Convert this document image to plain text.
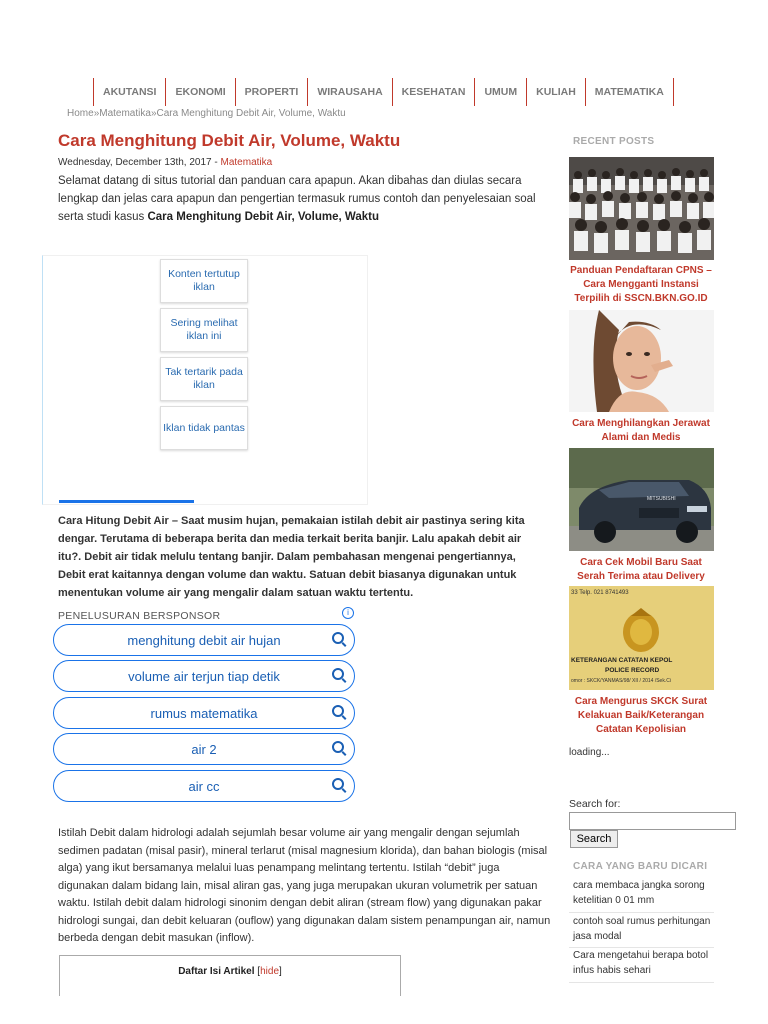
AKUTANSI	EKONOMI	PROPERTI	WIRAUSAHA	KESEHATAN	UMUM	KULIAH	MATEMATIKA
Home»Matematika»Cara Menghitung Debit Air, Volume, Waktu
Cara Menghitung Debit Air, Volume, Waktu
Wednesday, December 13th, 2017 - Matematika

Selamat datang di situs tutorial dan panduan cara apapun. Akan dibahas dan diulas secara lengkap dan jelas cara apapun dan pengertian termasuk rumus contoh dan penyelesaian soal serta studi kasus Cara Menghitung Debit Air, Volume, Waktu

Konten tertutup iklan
Sering melihat iklan ini
Tak tertarik pada iklan
Iklan tidak pantas

Cara Hitung Debit Air – Saat musim hujan, pemakaian istilah debit air pastinya sering kita dengar. Terutama di beberapa berita dan media terkait berita banjir. Lalu apakah debit air itu?. Debit air tidak melulu tentang banjir. Dalam pembahasan mengenai pengertiannya, Debit erat kaitannya dengan volume dan waktu. Satuan debit biasanya digunakan untuk menentukan volume air yang mengalir dalam satuan waktu tertentu.

PENELUSURAN BERSPONSOR	i
menghitung debit air hujan
volume air terjun tiap detik
rumus matematika
air 2
air cc

Istilah Debit dalam hidrologi adalah sejumlah besar volume air yang mengalir dengan sejumlah sedimen padatan (misal pasir), mineral terlarut (misal magnesium klorida), dan bahan biologis (misal alga) yang ikut bersamanya melalui luas penampang melintang tertentu. Istilah “debit” juga digunakan dalam bidang lain, misal aliran gas, yang juga merupakan ukuran volumetrik per satuan waktu. Istilah debit dalam hidrologi sinonim dengan debit aliran (stream flow) yang digunakan pakar hidrologi sungai, dan debit keluaran (ouflow) yang digunakan dalam sistem penampungan air, namun berbeda dengan debit masukan (inflow).

Daftar Isi Artikel [hide]
RECENT POSTS
Panduan Pendaftaran CPNS – Cara Mengganti Instansi Terpilih di SSCN.BKN.GO.ID
Cara Menghilangkan Jerawat Alami dan Medis
MITSUBISHI
Cara Cek Mobil Baru Saat Serah Terima atau Delivery
33 Telp. 021 8741493
KETERANGAN CATATAN KEPOL
POLICE RECORD
omor : SKCK/YANMAS/98/ XII / 2014 /Sek.Ci
Cara Mengurus SKCK Surat Kelakuan Baik/Keterangan Catatan Kepolisian
loading...
Search for:
Search
CARA YANG BARU DICARI
cara membaca jangka sorong ketelitian 0 01 mm
contoh soal rumus perhitungan jasa modal
Cara mengetahui berapa botol infus habis sehari
